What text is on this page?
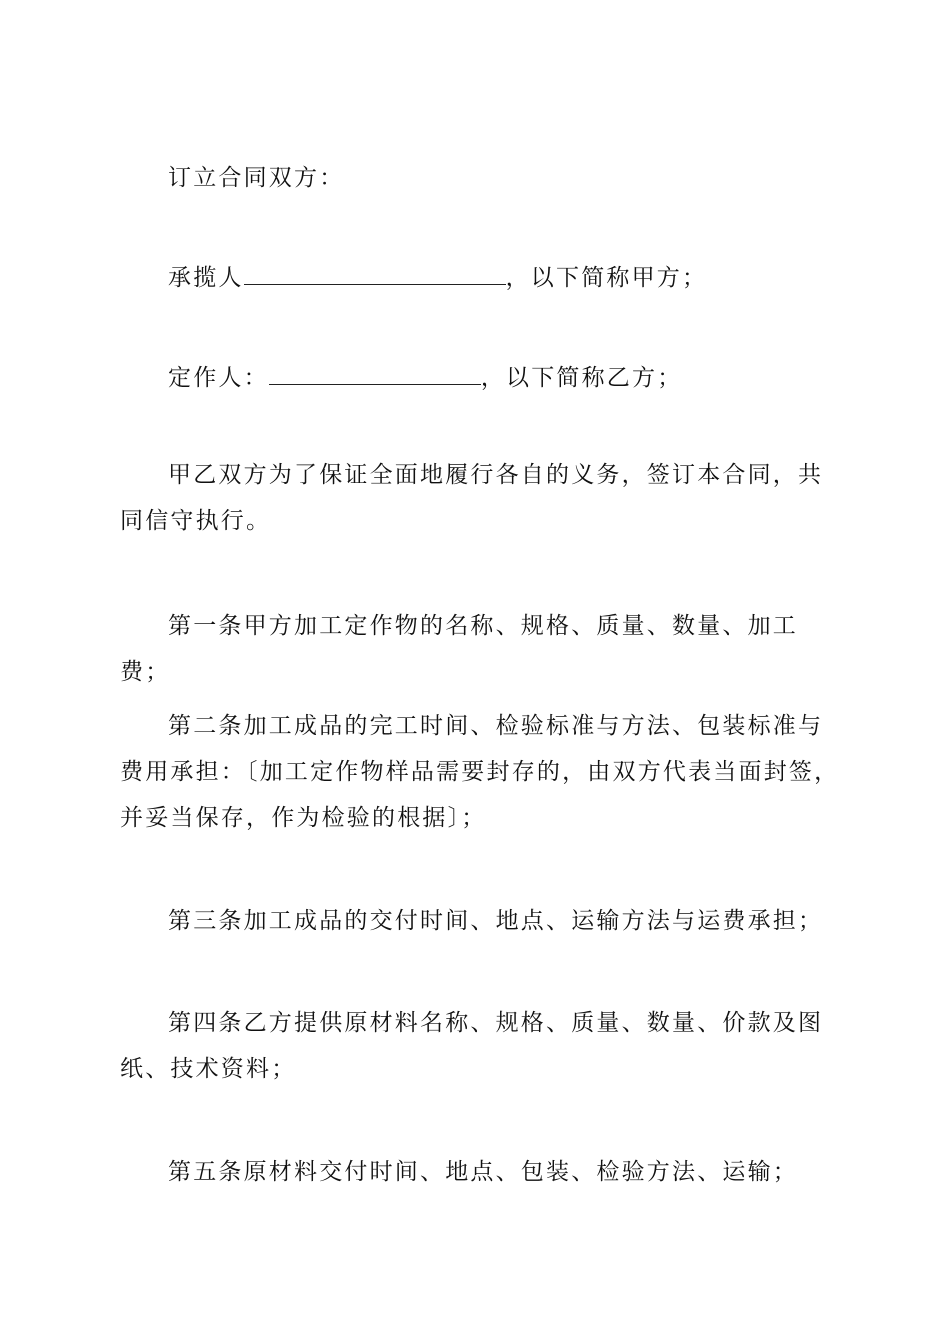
订立合同双方：
承揽人	，以下简称甲方；
定作人：	，以下简称乙方；
甲乙双方为了保证全面地履行各自的义务，签订本合同，共同信守执行。
第一条甲方加工定作物的名称、规格、质量、数量、加工费；
第二条加工成品的完工时间、检验标准与方法、包装标准与费用承担：〔加工定作物样品需要封存的，由双方代表当面封签，并妥当保存，作为检验的根据〕；
第三条加工成品的交付时间、地点、运输方法与运费承担；
第四条乙方提供原材料名称、规格、质量、数量、价款及图纸、技术资料；
第五条原材料交付时间、地点、包装、检验方法、运输；
